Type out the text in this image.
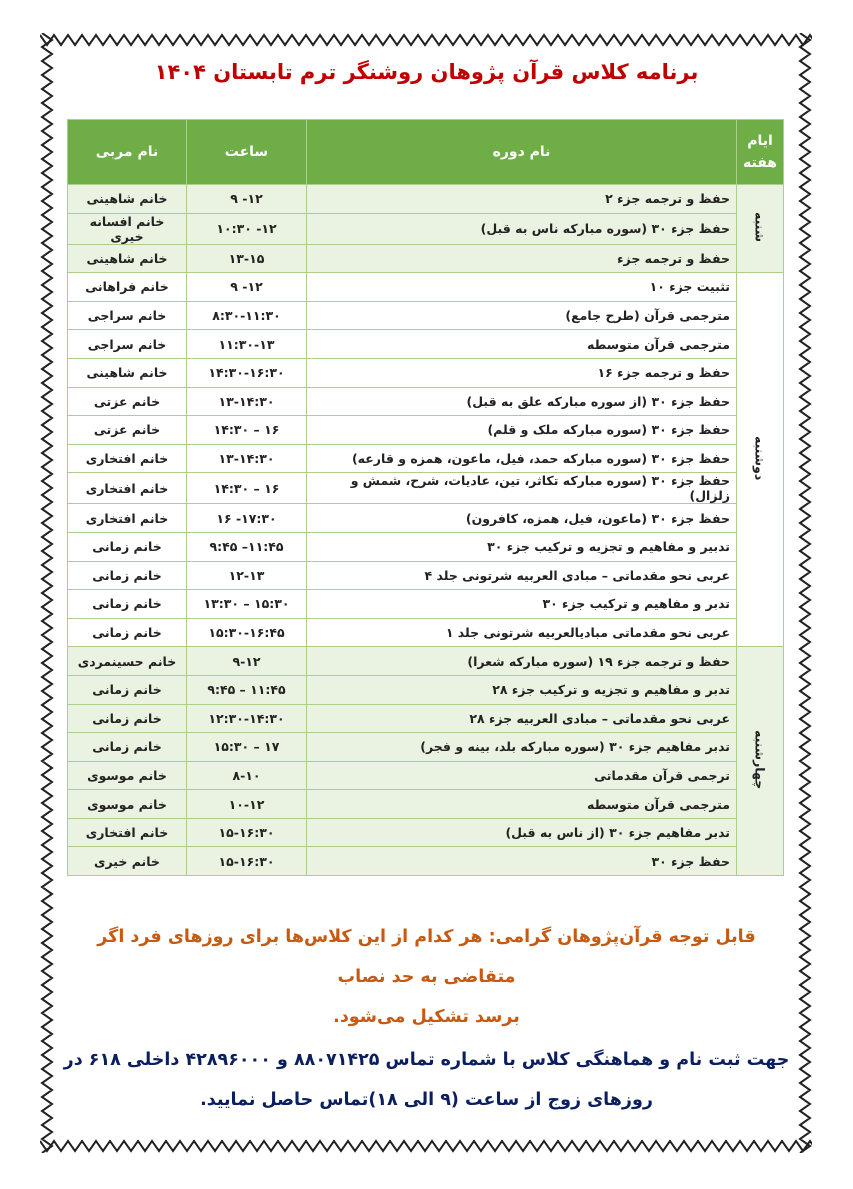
برنامه کلاس قرآن پژوهان روشنگر ترم تابستان ۱۴۰۴
ایام
هفته	نام دوره	ساعت	نام مربی
شنبه	حفظ و ترجمه جزء ۲	۹ -۱۲	خانم شاهینی
	حفظ جزء ۳۰ (سوره مبارکه ناس به قبل)	۱۰:۳۰ -۱۲	خانم افسانه خیری
	حفظ و ترجمه جزء	۱۳-۱۵	خانم شاهینی
دوشنبه	تثبیت جزء ۱۰	۹ -۱۲	خانم فراهانی
	مترجمی قرآن (طرح جامع)	۸:۳۰-۱۱:۳۰	خانم سراجی
	مترجمی قرآن متوسطه	۱۱:۳۰-۱۳	خانم سراجی
	حفظ و ترجمه جزء ۱۶	۱۴:۳۰-۱۶:۳۰	خانم شاهینی
	حفظ جزء ۳۰ (از سوره مبارکه علق به قبل)	۱۳-۱۴:۳۰	خانم عزتی
	حفظ جزء ۳۰ (سوره مبارکه ملک و قلم)	۱۴:۳۰ – ۱۶	خانم عزتی
	حفظ جزء ۳۰ (سوره مبارکه حمد، فیل، ماعون، همزه و قارعه)	۱۳-۱۴:۳۰	خانم افتخاری
	حفظ جزء ۳۰ (سوره مبارکه تکاثر، تین، عادیات، شرح، شمش و زلزال)	۱۴:۳۰ – ۱۶	خانم افتخاری
	حفظ جزء ۳۰ (ماعون، فیل، همزه، کافرون)	۱۶ -۱۷:۳۰	خانم افتخاری
	تدبیر و مفاهیم و تجزیه و ترکیب جزء ۳۰	۹:۴۵ –۱۱:۴۵	خانم زمانی
	عربی نحو مقدماتی – مبادی العربیه شرتونی جلد ۴	۱۲-۱۳	خانم زمانی
	تدبر و مفاهیم و ترکیب جزء ۳۰	۱۳:۳۰ – ۱۵:۳۰	خانم زمانی
	عربی نحو مقدماتی مبادیالعربیه شرتونی جلد ۱	۱۵:۳۰-۱۶:۴۵	خانم زمانی
چهارشنبه	حفظ و ترجمه جزء ۱۹ (سوره مبارکه شعرا)	۹-۱۲	خانم حسینمردی
	تدبر و مفاهیم و تجزیه و ترکیب جزء ۲۸	۹:۴۵ – ۱۱:۴۵	خانم زمانی
	عربی نحو مقدماتی – مبادی العربیه جزء ۲۸	۱۲:۳۰-۱۴:۳۰	خانم زمانی
	تدبر مفاهیم جزء ۳۰ (سوره مبارکه بلد، بینه و فجر)	۱۵:۳۰ – ۱۷	خانم زمانی
	ترجمی قرآن مقدماتی	۸-۱۰	خانم موسوی
	مترجمی قرآن متوسطه	۱۰-۱۲	خانم موسوی
	تدبر مفاهیم جزء ۳۰ (از ناس به قبل)	۱۵-۱۶:۳۰	خانم افتخاری
	حفظ جزء ۳۰	۱۵-۱۶:۳۰	خانم خیری
قابل توجه قرآن‌پژوهان گرامی: هر کدام از این کلاس‌ها برای روزهای فرد اگر متقاضی به حد نصاب
برسد تشکیل می‌شود.
جهت ثبت نام و هماهنگی کلاس با شماره تماس ۸۸۰۷۱۴۲۵ و ۴۲۸۹۶۰۰۰ داخلی ۶۱۸ در
روزهای زوج از ساعت (۹ الی ۱۸)تماس حاصل نمایید.
